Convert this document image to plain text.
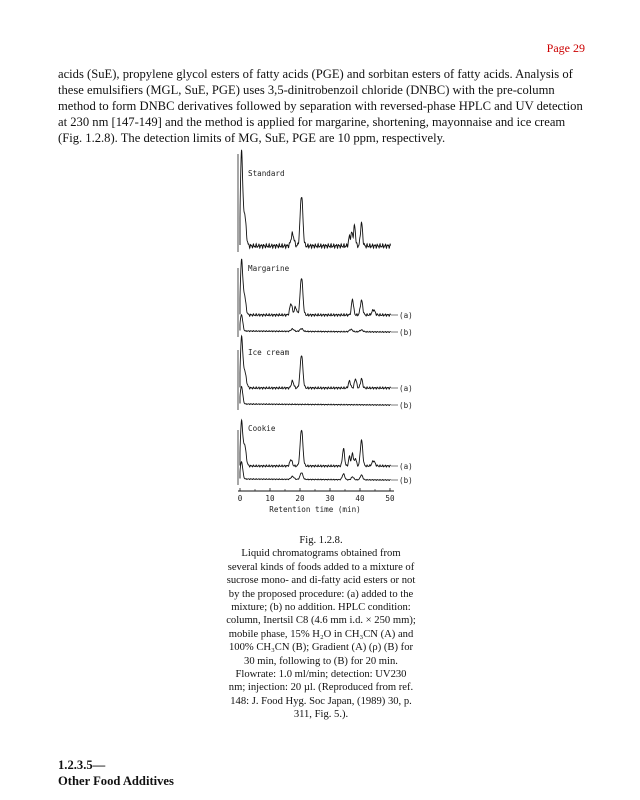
Page 29

acids (SuE), propylene glycol esters of fatty acids (PGE) and sorbitan esters of fatty acids. Analysis of these emulsifiers (MGL, SuE, PGE) uses 3,5-dinitrobenzoil chloride (DNBC) with the pre-column method to form DNBC derivatives followed by separation with reversed-phase HPLC and UV detection at 230 nm [147-149] and the method is applied for margarine, shortening, mayonnaise and ice cream (Fig. 1.2.8). The detection limits of MG, SuE, PGE are 10 ppm, respectively.

Standard
Margarine
(a)
(b)
Ice cream
(a)
(b)
Cookie
(a)
(b)
0	10	20	30	40	50
Retention time (min)

Fig. 1.2.8.
Liquid chromatograms obtained from several kinds of foods added to a mixture of sucrose mono- and di-fatty acid esters or not by the proposed procedure: (a) added to the mixture; (b) no addition. HPLC condition: column, Inertsil C8 (4.6 mm i.d. × 250 mm); mobile phase, 15% H₂O in CH₃CN (A) and 100% CH₃CN (B); Gradient (A) (ρ) (B) for 30 min, following to (B) for 20 min. Flowrate: 1.0 ml/min; detection: UV230 nm; injection: 20 µl. (Reproduced from ref. 148: J. Food Hyg. Soc Japan, (1989) 30, p. 311, Fig. 5.).

1.2.3.5—
Other Food Additives
